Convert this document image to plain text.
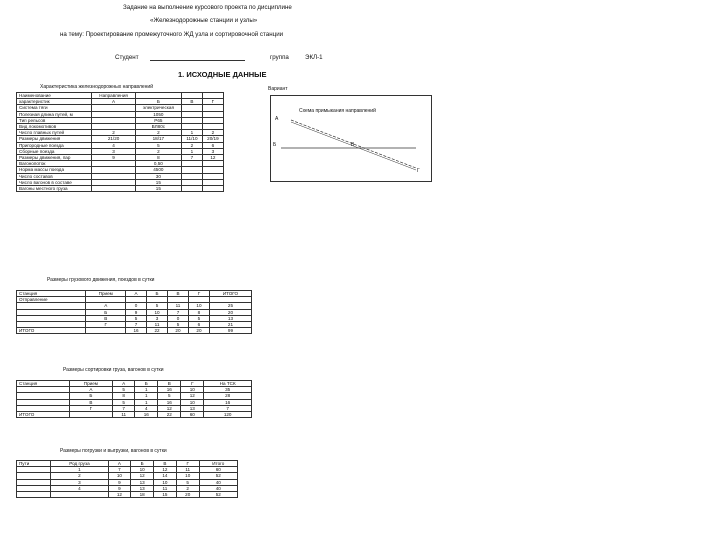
Задание на выполнение курсового проекта по дисциплине
«Железнодорожные станции и узлы»
на тему: Проектирование промежуточного ЖД узла и сортировочной станции
Студент	группа	ЭКЛ-1
1. ИСХОДНЫЕ ДАННЫЕ
Характеристика железнодорожных направлений
Наименование	Направления			
характеристик	А	Б	В	Г
Система тяги		электрическая		
Полезная длина путей, м		1050		
Тип рельсов		Р65		
Вид локомотивов		ВЛ80с		
Число главных путей	2	2	1	2
Размеры движения	21/20	18/17	11/10	20/19
Пригородные поезда	4	5	2	6
Сборные поезда	3	2	1	3
Размеры движения, пар	9	8	7	12
Вагонопоток		0,50		
Норма массы поезда		4500		
Число составов		30		
Число вагонов в составе		15		
Вагоны местного груза		15		
Вариант
Схема примыкания направлений
А
Б	В
Г
Размеры грузового движения, поездов в сутки
Станция	Прием	А	Б	В	Г	ИТОГО
Отправление						
	А	0	5	11	10	25
	Б	9	10	7	8	20
	В	5	3	0	5	13
	Г	7	11	5	6	21
ИТОГО		16	22	20	20	99
Размеры сортировки груза, вагонов в сутки
Станция	Прием	А	Б	В	Г	На ТСК
	А	5	1	16	10	35
	Б	8	1	5	12	28
	В	5	1	16	10	16
	Г	7	4	12	13	7
ИТОГО		11	16	22	60	120
Размеры погрузки и выгрузки, вагонов в сутки
Пути	Род груза	А	Б	В	Г	Итого
	1	7	10	12	11	60
	2	10	12	14	10	52
	3	9	13	10	5	40
	4	9	13	11	2	40
		12	18	15	20	52
